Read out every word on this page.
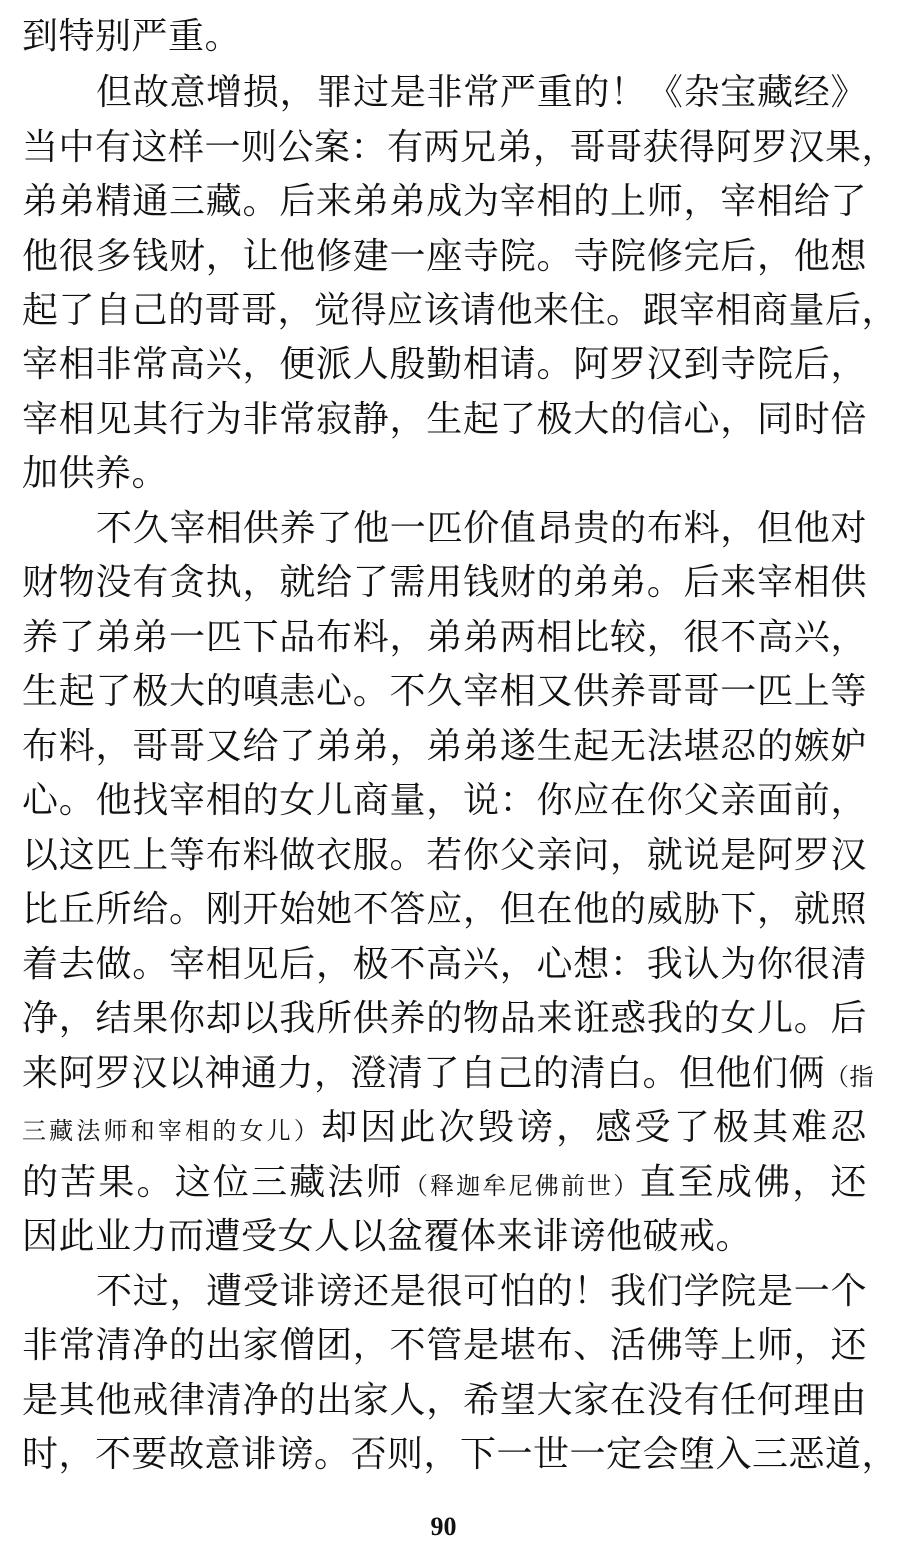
到特别严重。
但故意增损，罪过是非常严重的！《杂宝藏经》
当中有这样一则公案：有两兄弟，哥哥获得阿罗汉果，
弟弟精通三藏。后来弟弟成为宰相的上师，宰相给了
他很多钱财，让他修建一座寺院。寺院修完后，他想
起了自己的哥哥，觉得应该请他来住。跟宰相商量后，
宰相非常高兴，便派人殷勤相请。阿罗汉到寺院后，
宰相见其行为非常寂静，生起了极大的信心，同时倍
加供养。
不久宰相供养了他一匹价值昂贵的布料，但他对
财物没有贪执，就给了需用钱财的弟弟。后来宰相供
养了弟弟一匹下品布料，弟弟两相比较，很不高兴，
生起了极大的嗔恚心。不久宰相又供养哥哥一匹上等
布料，哥哥又给了弟弟，弟弟遂生起无法堪忍的嫉妒
心。他找宰相的女儿商量，说：你应在你父亲面前，
以这匹上等布料做衣服。若你父亲问，就说是阿罗汉
比丘所给。刚开始她不答应，但在他的威胁下，就照
着去做。宰相见后，极不高兴，心想：我认为你很清
净，结果你却以我所供养的物品来诳惑我的女儿。后
来阿罗汉以神通力，澄清了自己的清白。但他们俩（指
三藏法师和宰相的女儿）却因此次毁谤，感受了极其难忍
的苦果。这位三藏法师（释迦牟尼佛前世）直至成佛，还
因此业力而遭受女人以盆覆体来诽谤他破戒。
不过，遭受诽谤还是很可怕的！我们学院是一个
非常清净的出家僧团，不管是堪布、活佛等上师，还
是其他戒律清净的出家人，希望大家在没有任何理由
时，不要故意诽谤。否则，下一世一定会堕入三恶道，
90
